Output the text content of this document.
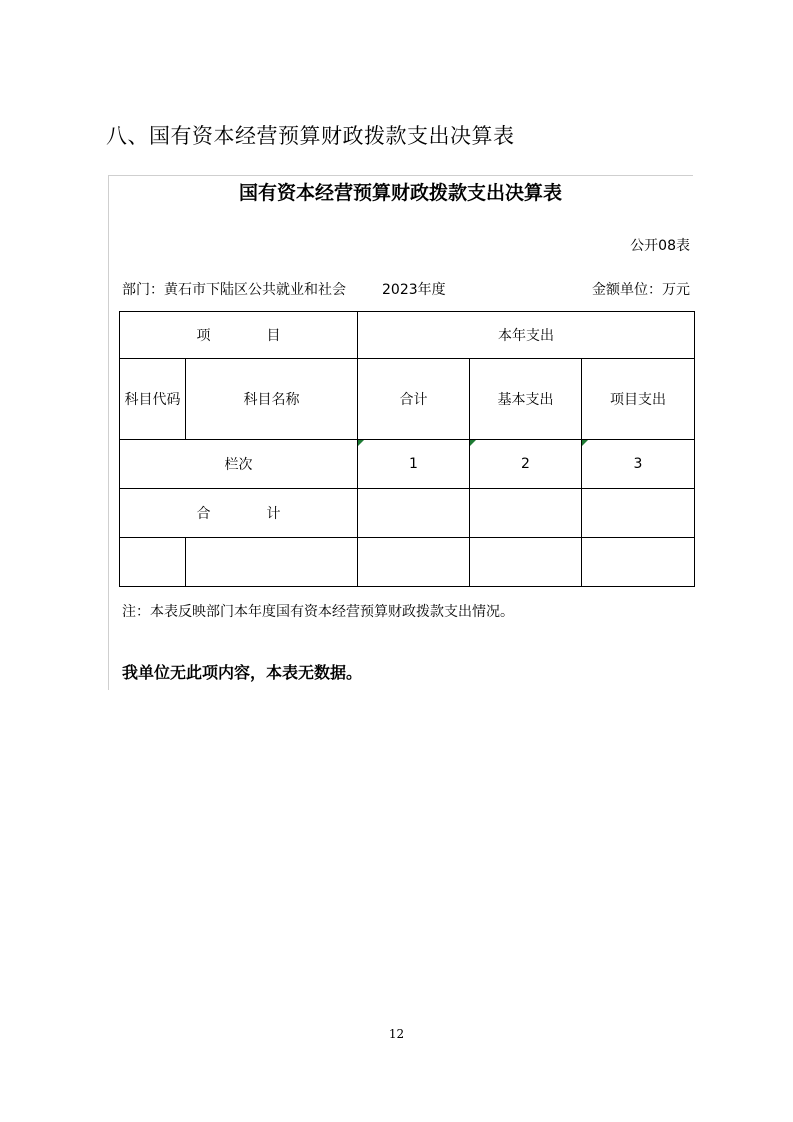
八、国有资本经营预算财政拨款支出决算表
国有资本经营预算财政拨款支出决算表
公开08表
部门：黄石市下陆区公共就业和社会	2023年度	金额单位：万元
项　　　　目		本年支出		
科目代码	科目名称	合计	基本支出	项目支出
栏次		1	2	3
合　　　　计				

注：本表反映部门本年度国有资本经营预算财政拨款支出情况。
我单位无此项内容，本表无数据。
12
